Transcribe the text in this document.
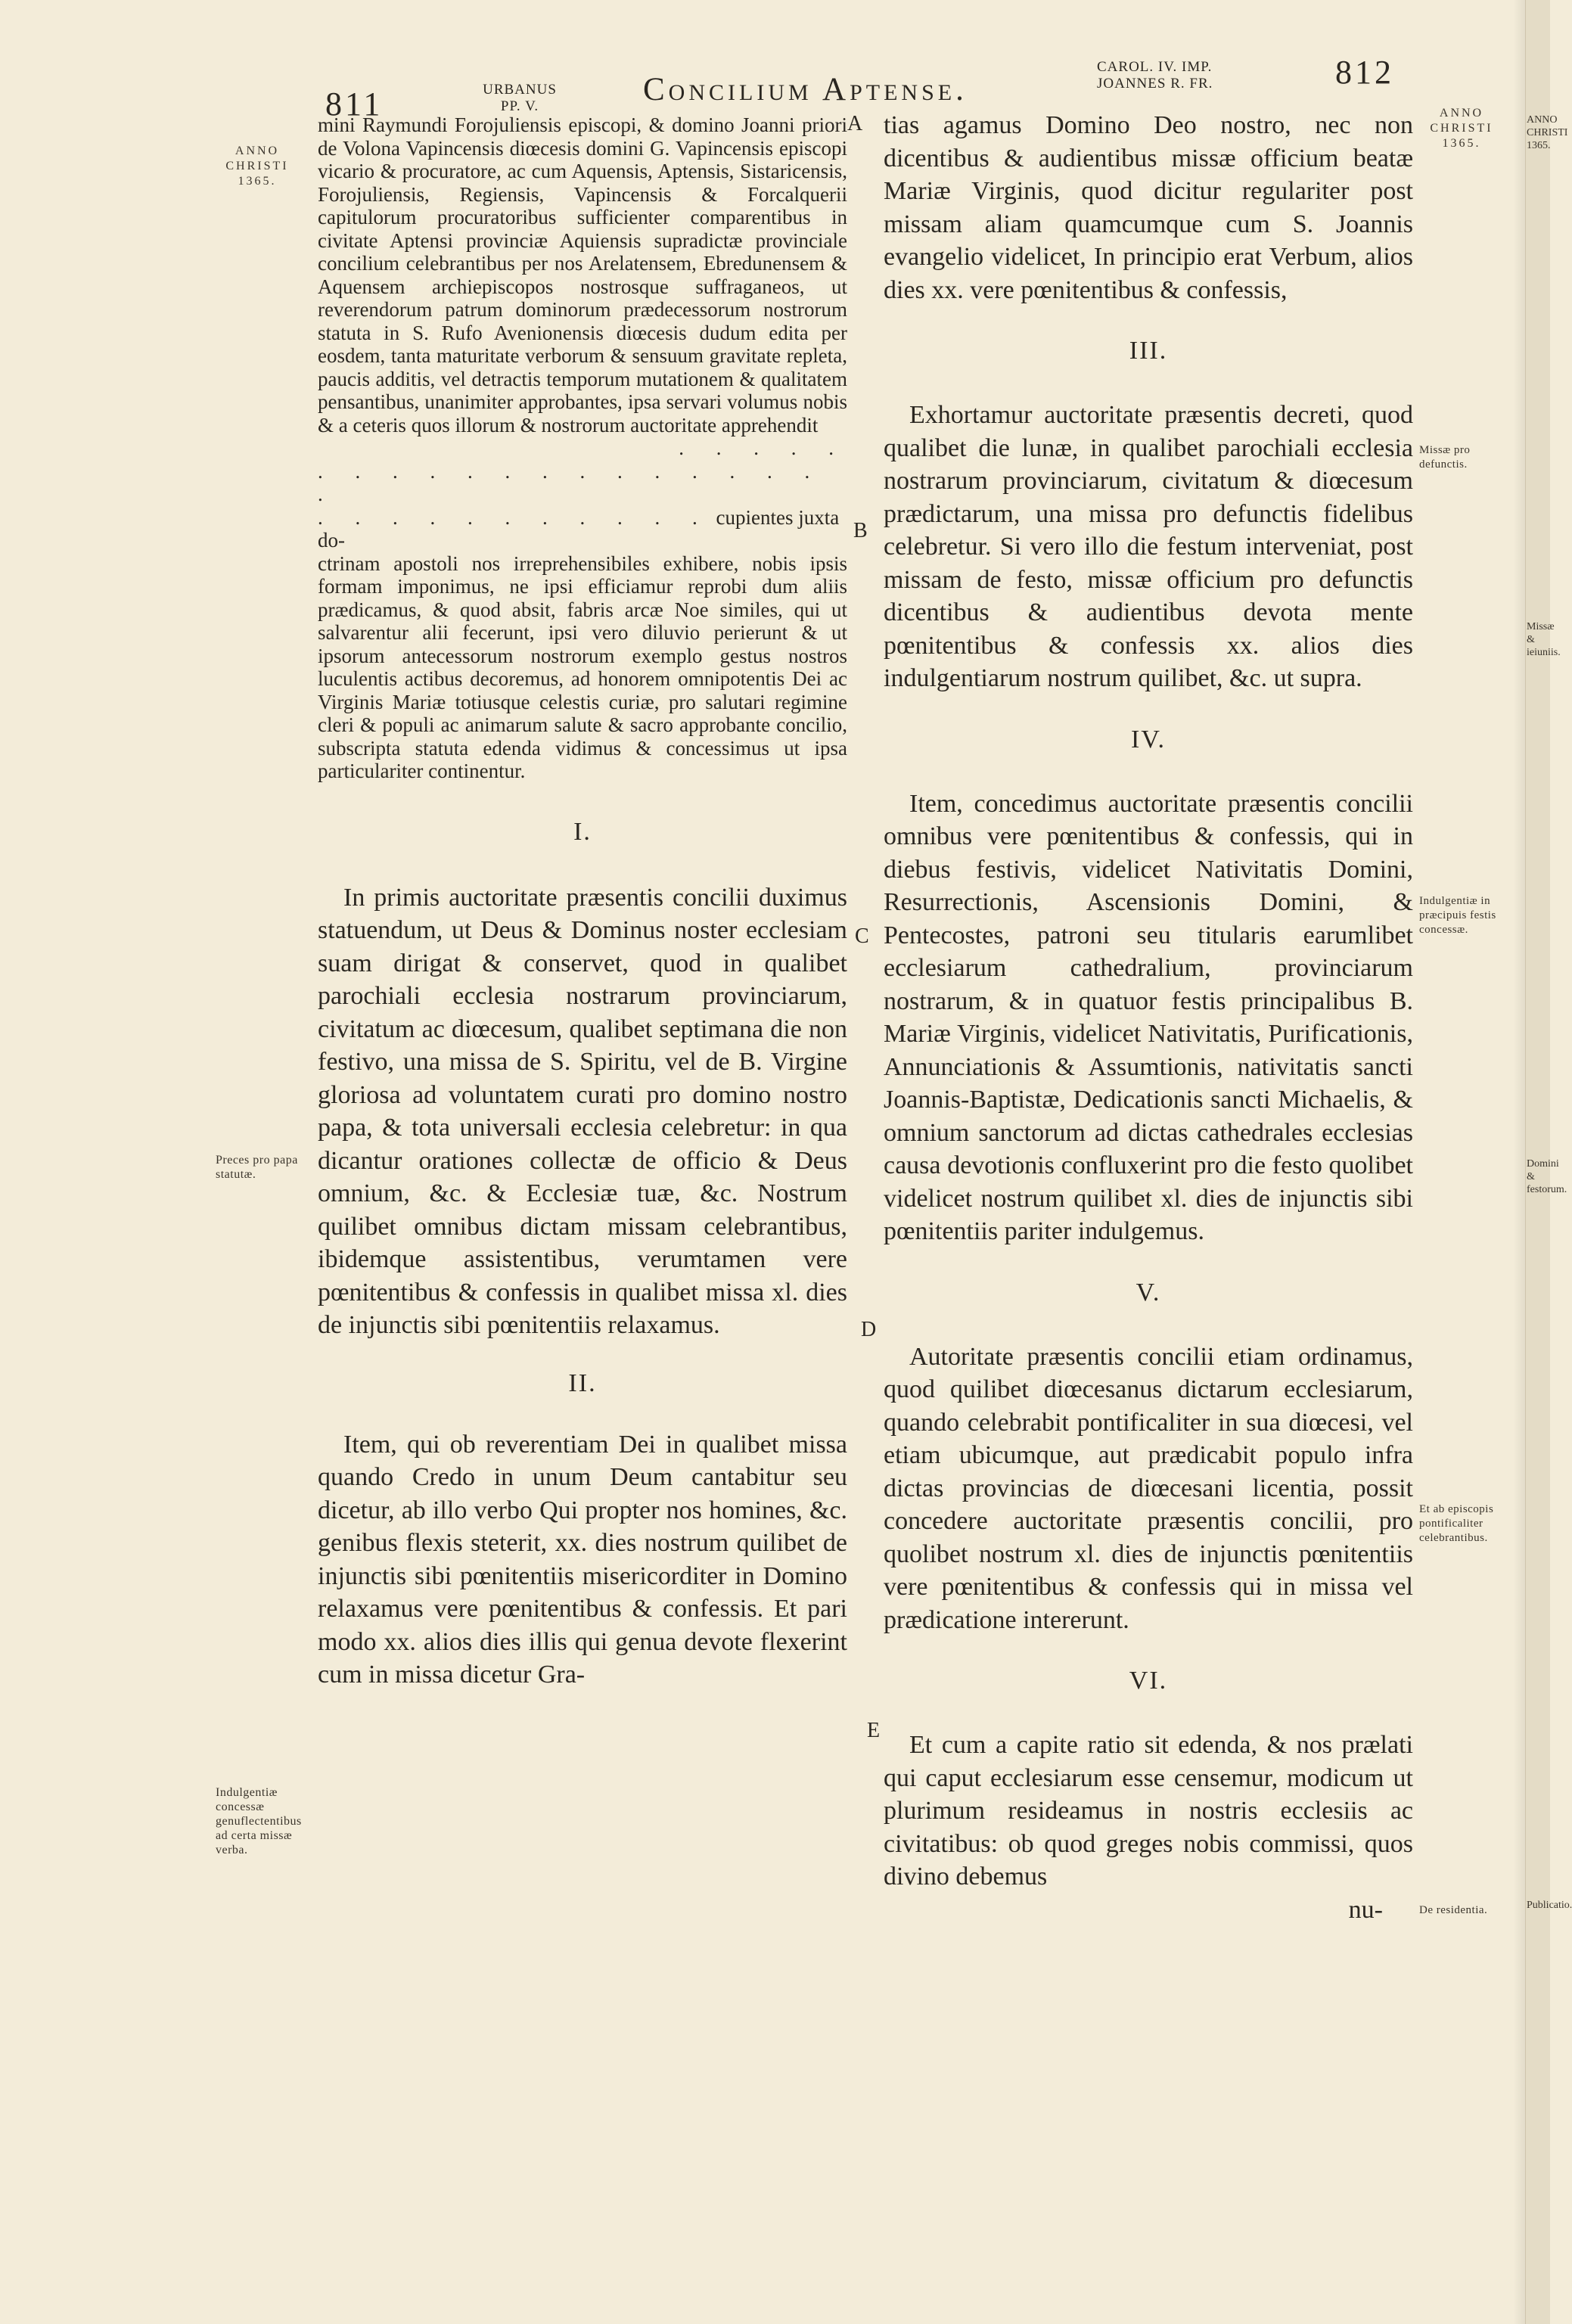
811	URBANUS
PP. V.	Concilium Aptense.
CAROL. IV. IMP.
JOANNES R. FR.	812
ANNO
CHRISTI
1365.
Preces pro papa statutæ.
Indulgentiæ concessæ genuflectentibus ad certa missæ verba.
A
B
C
D
E

mini Raymundi Forojuliensis episcopi, & domino Joanni priori de Volona Vapincensis diœcesis domini G. Vapincensis episcopi vicario & procuratore, ac cum Aquensis, Aptensis, Sistaricensis, Forojuliensis, Regiensis, Vapincensis & Forcalquerii capitulorum procuratoribus sufficienter comparentibus in civitate Aptensi provinciæ Aquiensis supradictæ provinciale concilium celebrantibus per nos Arelatensem, Ebredunensem & Aquensem archiepiscopos nostrosque suffraganeos, ut reverendorum patrum dominorum prædecessorum nostrorum statuta in S. Rufo Avenionensis diœcesis dudum edita per eosdem, tanta maturitate verborum & sensuum gravitate repleta, paucis additis, vel detractis temporum mutationem & qualitatem pensantibus, unanimiter approbantes, ipsa servari volumus nobis & a ceteris quos illorum & nostrorum auctoritate apprehendit

. . . . .

. . . . . . . . . . . . . . .

. . . . . . . . . . . cupientes juxta do-

ctrinam apostoli nos irreprehensibiles exhibere, nobis ipsis formam imponimus, ne ipsi efficiamur reprobi dum aliis prædicamus, & quod absit, fabris arcæ Noe similes, qui ut salvarentur alii fecerunt, ipsi vero diluvio perierunt & ut ipsorum antecessorum nostrorum exemplo gestus nostros luculentis actibus decoremus, ad honorem omnipotentis Dei ac Virginis Mariæ totiusque celestis curiæ, pro salutari regimine cleri & populi ac animarum salute & sacro approbante concilio, subscripta statuta edenda vidimus & concessimus ut ipsa particulariter continentur.

I.

In primis auctoritate præsentis concilii duximus statuendum, ut Deus & Dominus noster ecclesiam suam dirigat & conservet, quod in qualibet parochiali ecclesia nostrarum provinciarum, civitatum ac diœcesum, qualibet septimana die non festivo, una missa de S. Spiritu, vel de B. Virgine gloriosa ad voluntatem curati pro domino nostro papa, & tota universali ecclesia celebretur: in qua dicantur orationes collectæ de officio & Deus omnium, &c. & Ecclesiæ tuæ, &c. Nostrum quilibet omnibus dictam missam celebrantibus, ibidemque assistentibus, verumtamen vere pœnitentibus & confessis in qualibet missa xl. dies de injunctis sibi pœnitentiis relaxamus.

II.

Item, qui ob reverentiam Dei in qualibet missa quando Credo in unum Deum cantabitur seu dicetur, ab illo verbo Qui propter nos homines, &c. genibus flexis steterit, xx. dies nostrum quilibet de injunctis sibi pœnitentiis misericorditer in Domino relaxamus vere pœnitentibus & confessis. Et pari modo xx. alios dies illis qui genua devote flexerint cum in missa dicetur Gra-

tias agamus Domino Deo nostro, nec non dicentibus & audientibus missæ officium beatæ Mariæ Virginis, quod dicitur regulariter post missam aliam quamcumque cum S. Joannis evangelio videlicet, In principio erat Verbum, alios dies xx. vere pœnitentibus & confessis,

III.

Exhortamur auctoritate præsentis decreti, quod qualibet die lunæ, in qualibet parochiali ecclesia nostrarum provinciarum, civitatum & diœcesum prædictarum, una missa pro defunctis fidelibus celebretur. Si vero illo die festum interveniat, post missam de festo, missæ officium pro defunctis dicentibus & audientibus devota mente pœnitentibus & confessis xx. alios dies indulgentiarum nostrum quilibet, &c. ut supra.

IV.

Item, concedimus auctoritate præsentis concilii omnibus vere pœnitentibus & confessis, qui in diebus festivis, videlicet Nativitatis Domini, Resurrectionis, Ascensionis Domini, & Pentecostes, patroni seu titularis earumlibet ecclesiarum cathedralium, provinciarum nostrarum, & in quatuor festis principalibus B. Mariæ Virginis, videlicet Nativitatis, Purificationis, Annunciationis & Assumtionis, nativitatis sancti Joannis-Baptistæ, Dedicationis sancti Michaelis, & omnium sanctorum ad dictas cathedrales ecclesias causa devotionis confluxerint pro die festo quolibet videlicet nostrum quilibet xl. dies de injunctis sibi pœnitentiis pariter indulgemus.

V.

Autoritate præsentis concilii etiam ordinamus, quod quilibet diœcesanus dictarum ecclesiarum, quando celebrabit pontificaliter in sua diœcesi, vel etiam ubicumque, aut prædicabit populo infra dictas provincias de diœcesani licentia, possit concedere auctoritate præsentis concilii, pro quolibet nostrum xl. dies de injunctis pœnitentiis vere pœnitentibus & confessis qui in missa vel prædicatione intererunt.

VI.

Et cum a capite ratio sit edenda, & nos prælati qui caput ecclesiarum esse censemur, modicum ut plurimum resideamus in nostris ecclesiis ac civitatibus: ob quod greges nobis commissi, quos divino debemus

nu-

ANNO
CHRISTI
1365.
Missæ pro defunctis.
Indulgentiæ in præcipuis festis concessæ.
Et ab episcopis pontificaliter celebrantibus.
De residentia.
ANNO CHRISTI 1365.
Missæ & ieiuniis.
Domini & festorum.
Publicatio.
